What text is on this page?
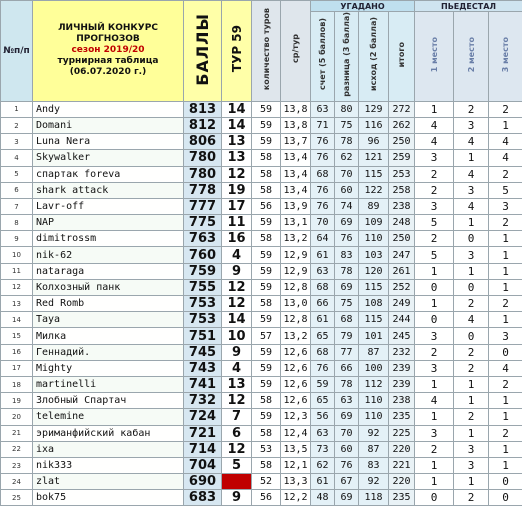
№п/п	ЛИЧНЫЙ КОНКУРС
ПРОГНОЗОВ
сезон 2019/20
турнирная таблица
(06.07.2020 г.)	БАЛЛЫ	ТУР 59	количество туров	ср/тур	УГАДАНО				ПЬЕДЕСТАЛ		
						счет (5 баллов)	разница (3 балла)	исход (2 балла)	итого	1 место	2 место	3 место
1	Andy	813	14	59	13,8	63	80	129	272	1	2	2
2	Domani	812	14	59	13,8	71	75	116	262	4	3	1
3	Luna Nera	806	13	59	13,7	76	78	96	250	4	4	4
4	Skywalker	780	13	58	13,4	76	62	121	259	3	1	4
5	спартак foreva	780	12	58	13,4	68	70	115	253	2	4	2
6	shark attack	778	19	58	13,4	76	60	122	258	2	3	5
7	Lavr-off	777	17	56	13,9	76	74	89	238	3	4	3
8	NAP	775	11	59	13,1	70	69	109	248	5	1	2
9	dimitrossm	763	16	58	13,2	64	76	110	250	2	0	1
10	nik-62	760	4	59	12,9	61	83	103	247	5	3	1
11	nataraga	759	9	59	12,9	63	78	120	261	1	1	1
12	Колхозный панк	755	12	59	12,8	68	69	115	252	0	0	1
13	Red Romb	753	12	58	13,0	66	75	108	249	1	2	2
14	Taya	753	14	59	12,8	61	68	115	244	0	4	1
15	Милка	751	10	57	13,2	65	79	101	245	3	0	3
16	Геннадий.	745	9	59	12,6	68	77	87	232	2	2	0
17	Mighty	743	4	59	12,6	76	66	100	239	3	2	4
18	martinelli	741	13	59	12,6	59	78	112	239	1	1	2
19	Злобный Спартач	732	12	58	12,6	65	63	110	238	4	1	1
20	telemine	724	7	59	12,3	56	69	110	235	1	2	1
21	эриманфийский кабан	721	6	58	12,4	63	70	92	225	3	1	2
22	ixa	714	12	53	13,5	73	60	87	220	2	3	1
23	nik333	704	5	58	12,1	62	76	83	221	1	3	1
24	zlat	690		52	13,3	61	67	92	220	1	1	0
25	bok75	683	9	56	12,2	48	69	118	235	0	2	0
